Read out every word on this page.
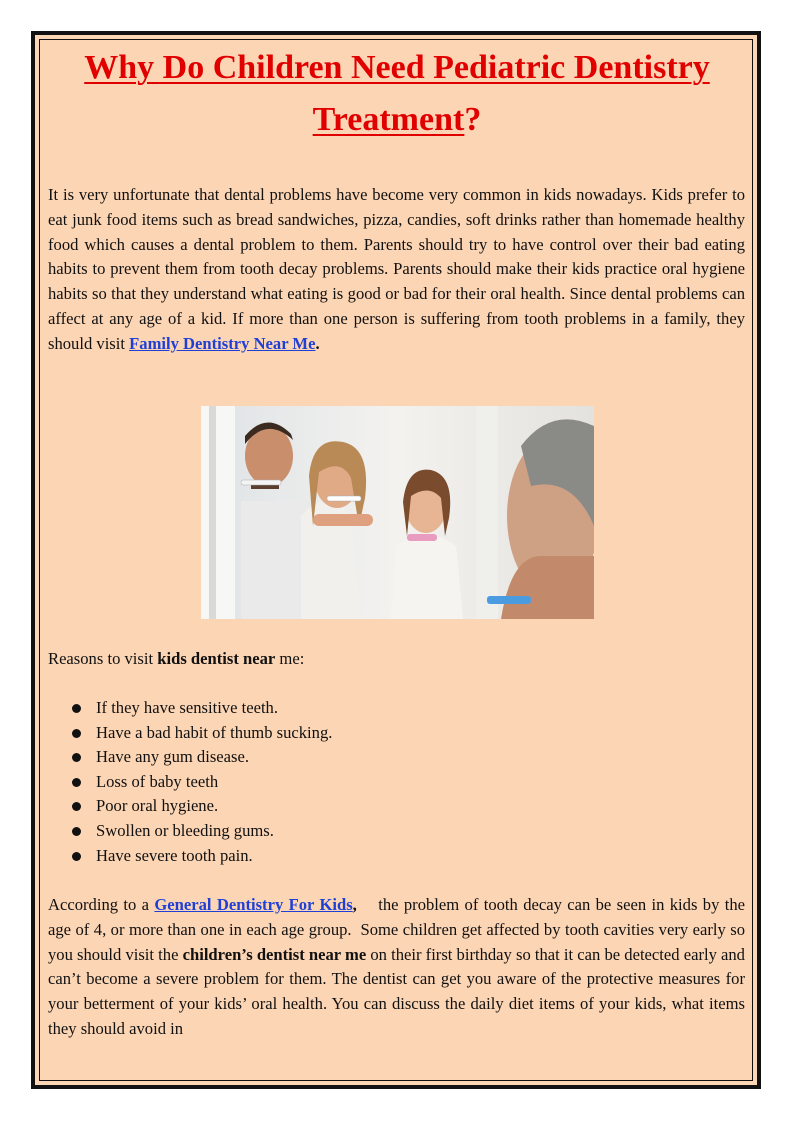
Why Do Children Need Pediatric Dentistry
Treatment?

It is very unfortunate that dental problems have become very common in kids nowadays. Kids prefer to eat junk food items such as bread sandwiches, pizza, candies, soft drinks rather than homemade healthy food which causes a dental problem to them. Parents should try to have control over their bad eating habits to prevent them from tooth decay problems. Parents should make their kids practice oral hygiene habits so that they understand what eating is good or bad for their oral health. Since dental problems can affect at any age of a kid. If more than one person is suffering from tooth problems in a family, they should visit Family Dentistry Near Me.

Reasons to visit kids dentist near me:

If they have sensitive teeth.
Have a bad habit of thumb sucking.
Have any gum disease.
Loss of baby teeth
Poor oral hygiene.
Swollen or bleeding gums.
Have severe tooth pain.

According to a General Dentistry For Kids,    the problem of tooth decay can be seen in kids by the age of 4, or more than one in each age group.  Some children get affected by tooth cavities very early so you should visit the children’s dentist near me on their first birthday so that it can be detected early and can’t become a severe problem for them. The dentist can get you aware of the protective measures for your betterment of your kids’ oral health. You can discuss the daily diet items of your kids, what items they should avoid in
